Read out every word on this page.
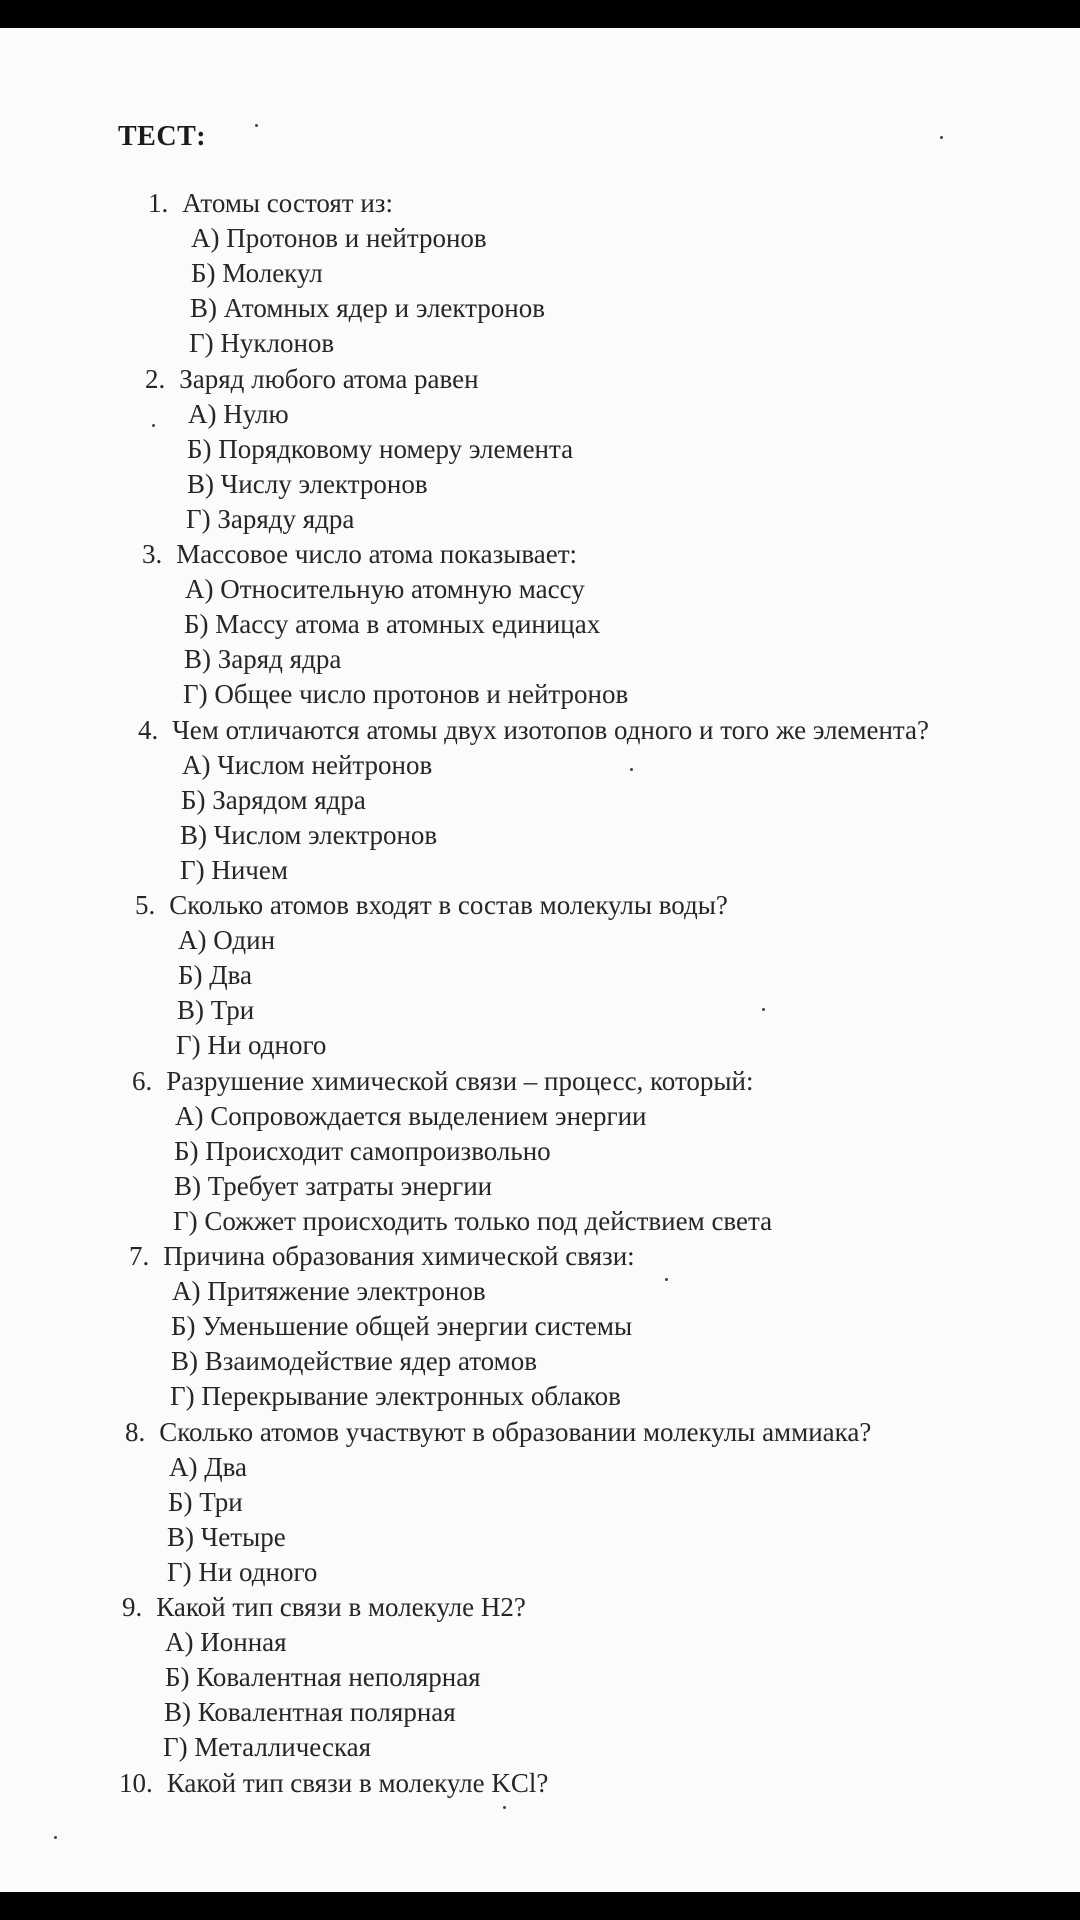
ТЕСТ:
1. Атомы состоят из:
А) Протонов и нейтронов
Б) Молекул
В) Атомных ядер и электронов
Г) Нуклонов
2. Заряд любого атома равен
А) Нулю
Б) Порядковому номеру элемента
В) Числу электронов
Г) Заряду ядра
3. Массовое число атома показывает:
А) Относительную атомную массу
Б) Массу атома в атомных единицах
В) Заряд ядра
Г) Общее число протонов и нейтронов
4. Чем отличаются атомы двух изотопов одного и того же элемента?
А) Числом нейтронов
Б) Зарядом ядра
В) Числом электронов
Г) Ничем
5. Сколько атомов входят в состав молекулы воды?
А) Один
Б) Два
В) Три
Г) Ни одного
6. Разрушение химической связи – процесс, который:
А) Сопровождается выделением энергии
Б) Происходит самопроизвольно
В) Требует затраты энергии
Г) Сожжет происходить только под действием света
7. Причина образования химической связи:
А) Притяжение электронов
Б) Уменьшение общей энергии системы
В) Взаимодействие ядер атомов
Г) Перекрывание электронных облаков
8. Сколько атомов участвуют в образовании молекулы аммиака?
А) Два
Б) Три
В) Четыре
Г) Ни одного
9. Какой тип связи в молекуле Н2?
А) Ионная
Б) Ковалентная неполярная
В) Ковалентная полярная
Г) Металлическая
10. Какой тип связи в молекуле KCl?
